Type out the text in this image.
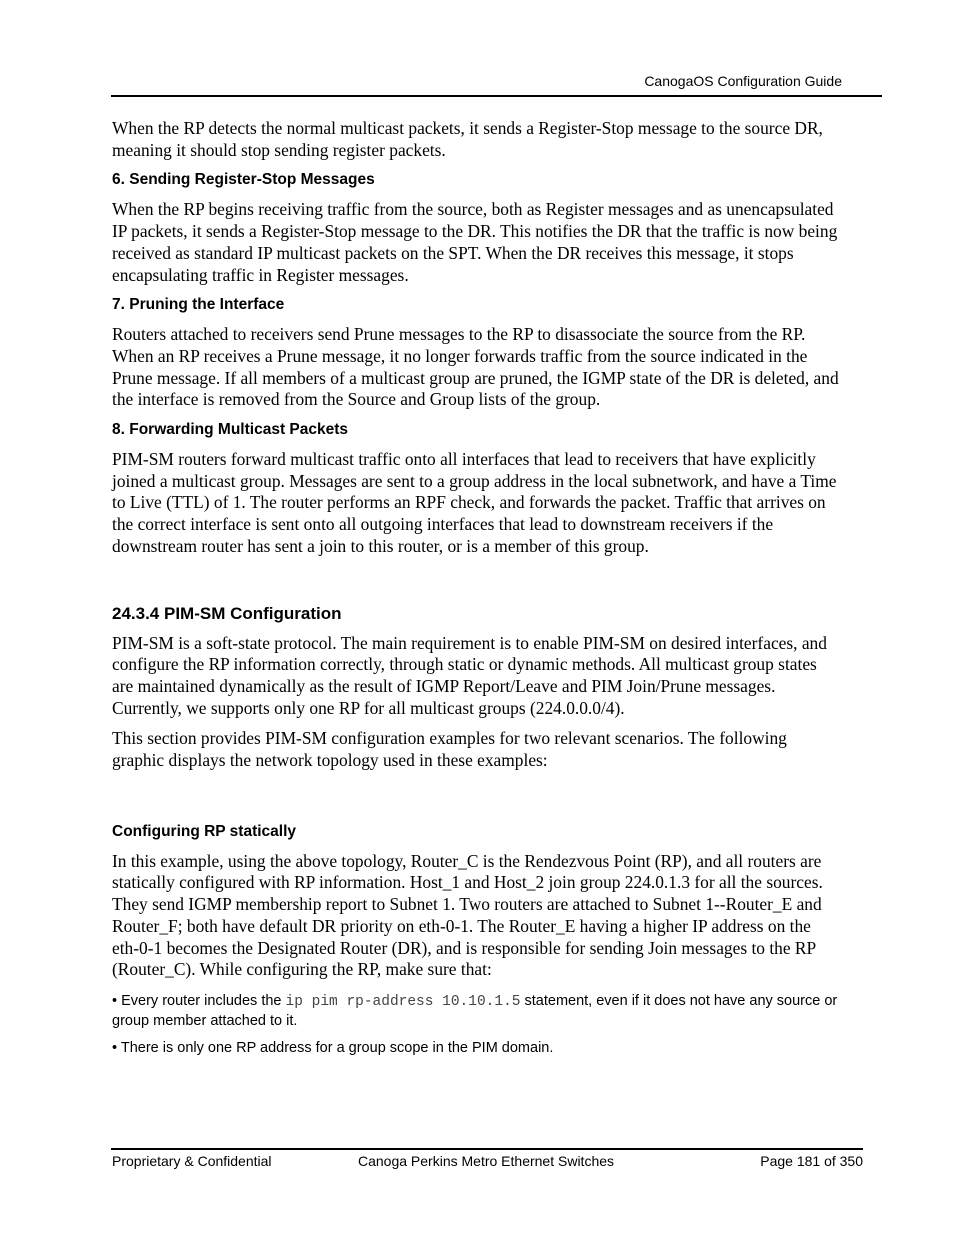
CanogaOS Configuration Guide

When the RP detects the normal multicast packets, it sends a Register-Stop message to the source DR, meaning it should stop sending register packets.

6. Sending Register-Stop Messages

When the RP begins receiving traffic from the source, both as Register messages and as unencapsulated IP packets, it sends a Register-Stop message to the DR. This notifies the DR that the traffic is now being received as standard IP multicast packets on the SPT. When the DR receives this message, it stops encapsulating traffic in Register messages.

7. Pruning the Interface

Routers attached to receivers send Prune messages to the RP to disassociate the source from the RP. When an RP receives a Prune message, it no longer forwards traffic from the source indicated in the Prune message. If all members of a multicast group are pruned, the IGMP state of the DR is deleted, and the interface is removed from the Source and Group lists of the group.

8. Forwarding Multicast Packets

PIM-SM routers forward multicast traffic onto all interfaces that lead to receivers that have explicitly joined a multicast group. Messages are sent to a group address in the local subnetwork, and have a Time to Live (TTL) of 1. The router performs an RPF check, and forwards the packet. Traffic that arrives on the correct interface is sent onto all outgoing interfaces that lead to downstream receivers if the downstream router has sent a join to this router, or is a member of this group.

24.3.4 PIM-SM Configuration

PIM-SM is a soft-state protocol. The main requirement is to enable PIM-SM on desired interfaces, and configure the RP information correctly, through static or dynamic methods. All multicast group states are maintained dynamically as the result of IGMP Report/Leave and PIM Join/Prune messages. Currently, we supports only one RP for all multicast groups (224.0.0.0/4).

This section provides PIM-SM configuration examples for two relevant scenarios. The following graphic displays the network topology used in these examples:

Configuring RP statically

In this example, using the above topology, Router_C is the Rendezvous Point (RP), and all routers are statically configured with RP information. Host_1 and Host_2 join group 224.0.1.3 for all the sources. They send IGMP membership report to Subnet 1. Two routers are attached to Subnet 1--Router_E and Router_F; both have default DR priority on eth-0-1. The Router_E having a higher IP address on the eth-0-1 becomes the Designated Router (DR), and is responsible for sending Join messages to the RP (Router_C). While configuring the RP, make sure that:

• Every router includes the ip pim rp-address 10.10.1.5 statement, even if it does not have any source or group member attached to it.

• There is only one RP address for a group scope in the PIM domain.

Proprietary & Confidential	Canoga Perkins Metro Ethernet Switches	Page 181 of 350
